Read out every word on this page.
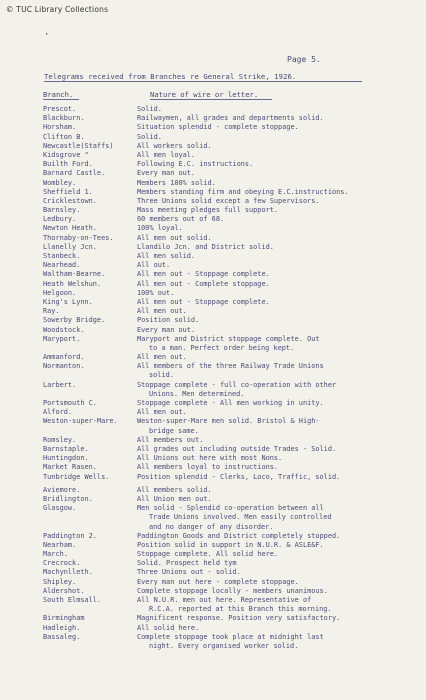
© TUC Library Collections
·
Page 5.
Telegrams received from Branches re General Strike, 1926.
Branch.	Nature of wire or letter.
Prescot.	Solid.
Blackburn.	Railwaymen, all grades and departments solid.
Horsham.	Situation splendid - complete stoppage.
Clifton B.	Solid.
Newcastle(Staffs)	All workers solid.
Kidsgrove "	All men loyal.
Builth Ford.	Following E.C. instructions.
Barnard Castle.	Every man out.
Wombley.	Members 100% solid.
Sheffield 1.	Members standing firm and obeying E.C.instructions.
Cricklestown.	Three Unions solid except a few Supervisors.
Barnsley.	Mass meeting pledges full support.
Ledbury.	60 members out of 68.
Newton Heath.	100% loyal.
Thornaby-on-Tees.	All men out solid.
Llanelly Jcn.	Llandilo Jcn. and District solid.
Stanbeck.	All men solid.
Nearhead.	All out.
Waltham-Bearne.	All men out - Stoppage complete.
Heath Welshun.	All men out - Complete stoppage.
Helgoon.	100% out.
King's Lynn.	All men out - Stoppage complete.
Ray.	All men out.
Sowerby Bridge.	Position solid.
Woodstock.	Every man out.
Maryport.	Maryport and District stoppage complete. Out
to a man. Perfect order being kept.
Ammanford.	All men out.
Normanton.	All members of the three Railway Trade Unions
solid.
Larbert.	Stoppage complete - full co-operation with other
Unions. Men determined.
Portsmouth C.	Stoppage complete - All men working in unity.
Alford.	All men out.
Weston-super-Mare.	Weston-super-Mare men solid. Bristol & High-
bridge same.
Romsley.	All members out.
Barnstaple.	All grades out including outside Trades - Solid.
Huntingdon.	All Unions out here with most Nons.
Market Rasen.	All members loyal to instructions.
Tunbridge Wells.	Position splendid - Clerks, Loco, Traffic, solid.
Aviemore.	All members solid.
Bridlington.	All Union men out.
Glasgow.	Men solid - Splendid co-operation between all
Trade Unions involved. Men easily controlled
and no danger of any disorder.
Paddington 2.	Paddington Goods and District completely stopped.
Nearham.	Position solid in support in N.U.R. & ASLE&F.
March.	Stoppage complete. All solid here.
Crecrock.	Solid. Prospect held tym
Machynlleth.	Three Unions out - solid.
Shipley.	Every man out here - complete stoppage.
Aldershot.	Complete stoppage locally - members unanimous.
South Elmsall.	All N.U.R. men out here. Representative of
R.C.A. reported at this Branch this morning.
Birmingham	Magnificent response. Position very satisfactory.
Hadleigh.	All solid here.
Bassaleg.	Complete stoppage took place at midnight last
night. Every organised worker solid.
